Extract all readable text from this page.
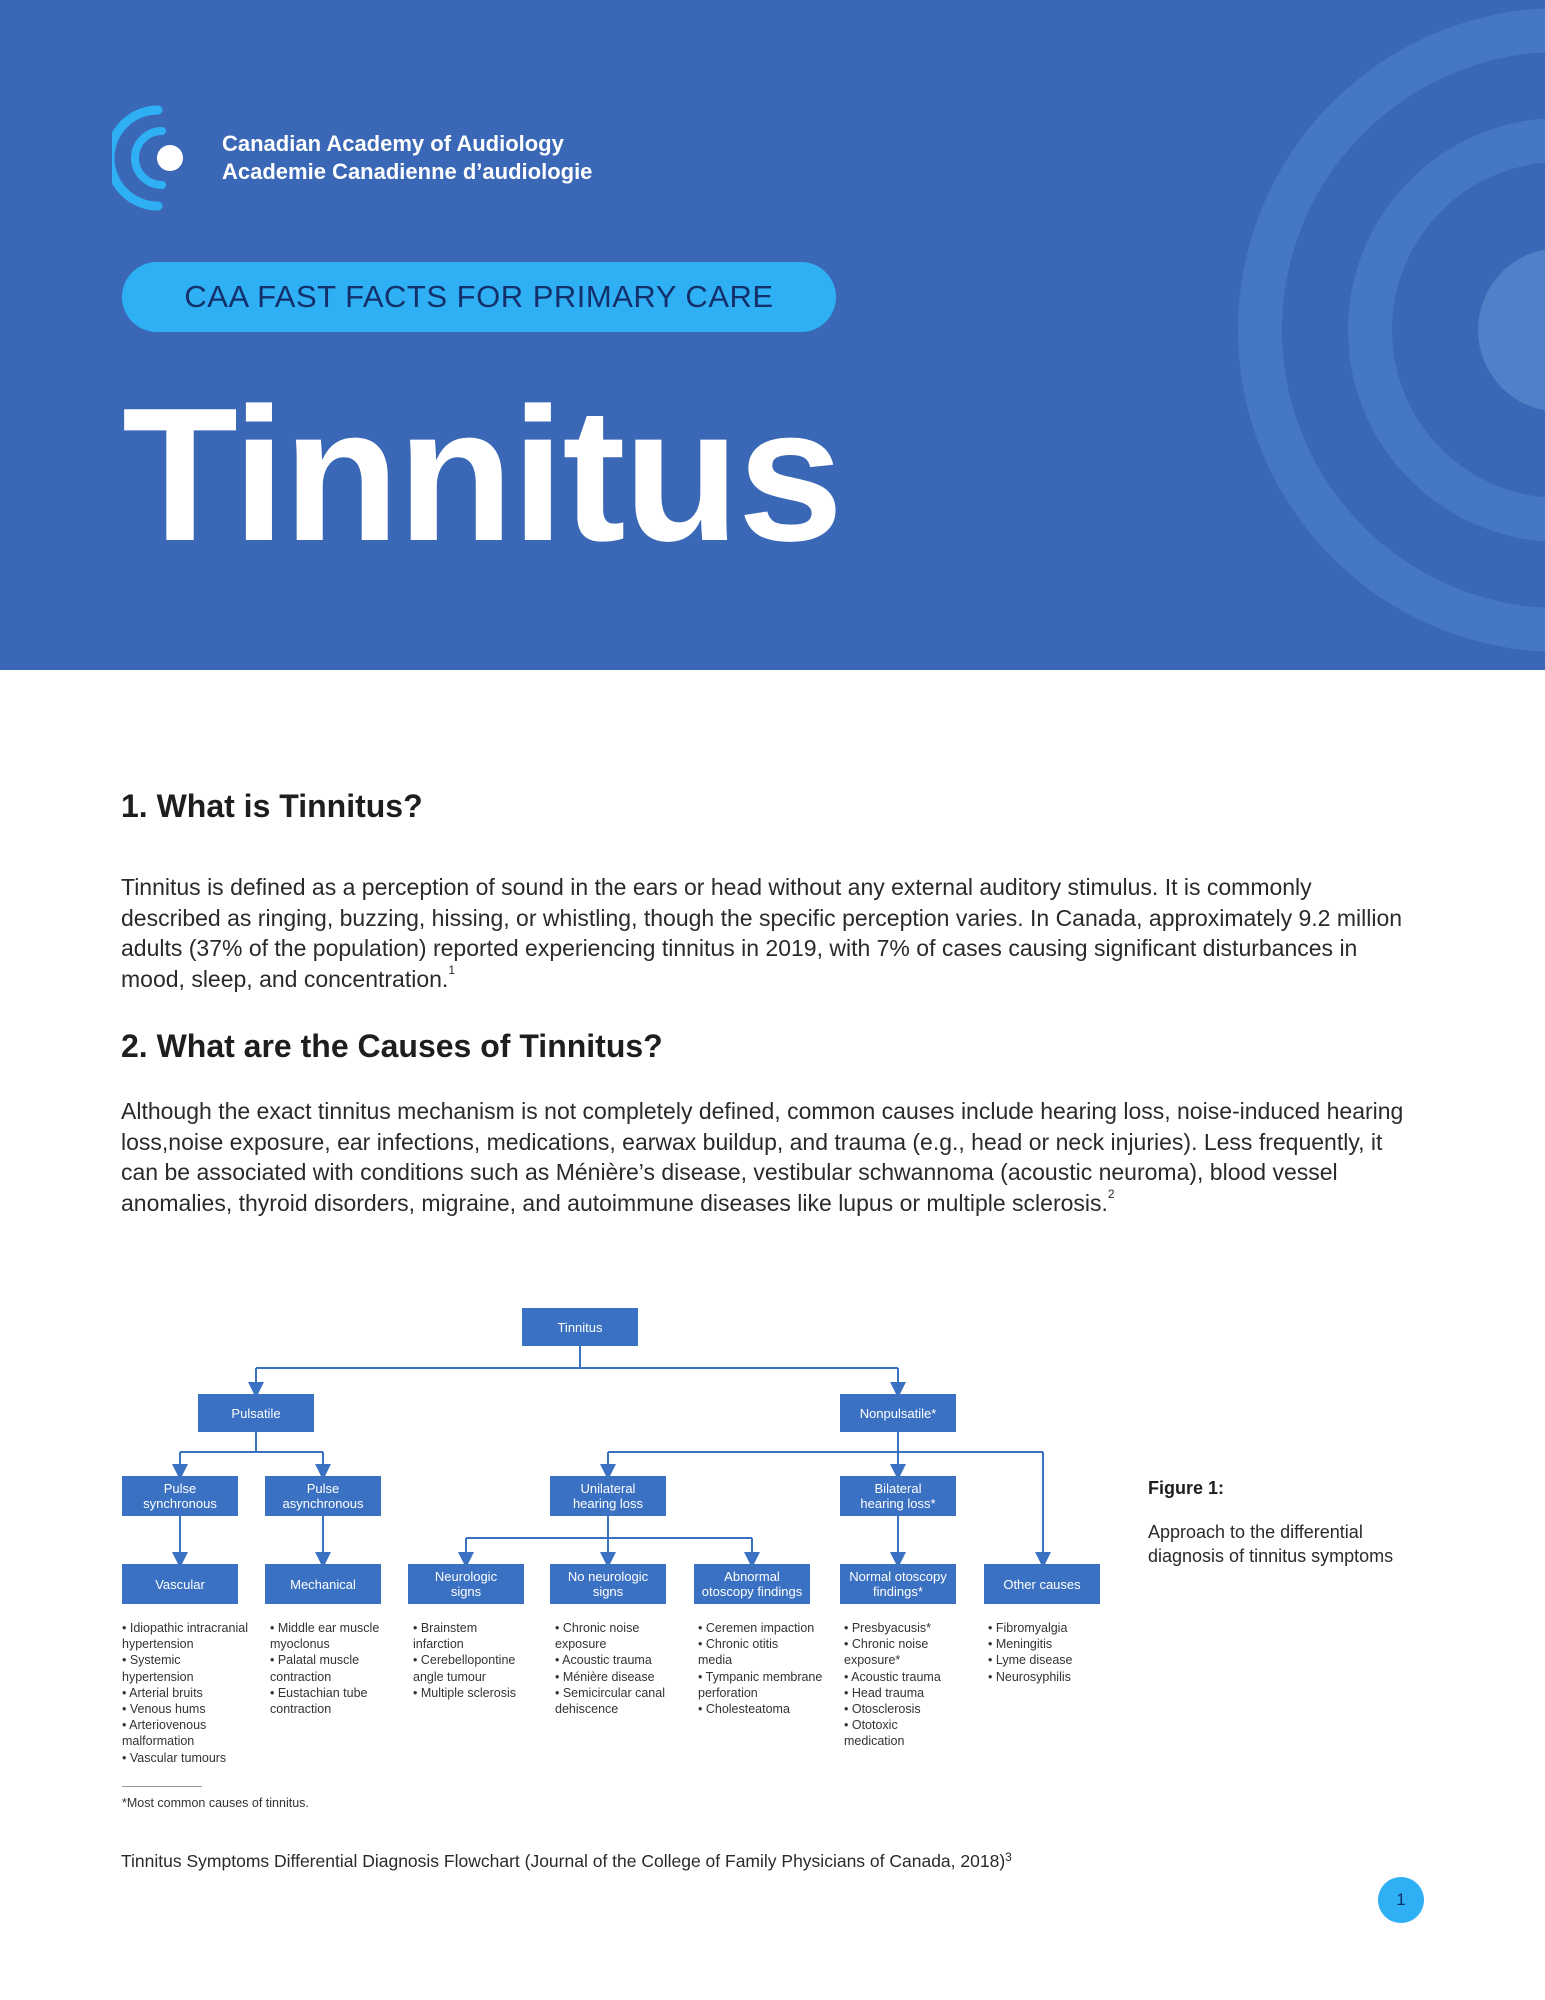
Canadian Academy of Audiology
Academie Canadienne d’audiologie
CAA FAST FACTS FOR PRIMARY CARE
Tinnitus
1. What is Tinnitus?

Tinnitus is defined as a perception of sound in the ears or head without any external auditory stimulus. It is commonly described as ringing, buzzing, hissing, or whistling, though the specific perception varies. In Canada, approximately 9.2 million adults (37% of the population) reported experiencing tinnitus in 2019, with 7% of cases causing significant disturbances in mood, sleep, and concentration.$^1$

2. What are the Causes of Tinnitus?

Although the exact tinnitus mechanism is not completely defined, common causes include hearing loss, noise-induced hearing loss,noise exposure, ear infections, medications, earwax buildup, and trauma (e.g., head or neck injuries). Less frequently, it can be associated with conditions such as Ménière’s disease, vestibular schwannoma (acoustic neuroma), blood vessel anomalies, thyroid disorders, migraine, and autoimmune diseases like lupus or multiple sclerosis.$^2$

Tinnitus
Pulsatile	Nonpulsatile*
Pulse
synchronous
Pulse
asynchronous
Unilateral
hearing loss
Bilateral
hearing loss*
Vascular	Mechanical	Neurologic
signs
No neurologic
signs
Abnormal
otoscopy findings
Normal otoscopy
findings*	Other causes
• Idiopathic intracranial
hypertension
• Systemic
hypertension
• Arterial bruits
• Venous hums
• Arteriovenous
malformation
• Vascular tumours
• Middle ear muscle
myoclonus
• Palatal muscle
contraction
• Eustachian tube
contraction
• Brainstem
infarction
• Cerebellopontine
angle tumour
• Multiple sclerosis
• Chronic noise
exposure
• Acoustic trauma
• Ménière disease
• Semicircular canal
dehiscence
• Ceremen impaction
• Chronic otitis
media
• Tympanic membrane
perforation
• Cholesteatoma
• Presbyacusis*
• Chronic noise
exposure*
• Acoustic trauma
• Head trauma
• Otosclerosis
• Ototoxic
medication
• Fibromyalgia
• Meningitis
• Lyme disease
• Neurosyphilis
*Most common causes of tinnitus.
Figure 1:
Approach to the differential diagnosis of tinnitus symptoms
Tinnitus Symptoms Differential Diagnosis Flowchart (Journal of the College of Family Physicians of Canada, 2018)$^3$
1
